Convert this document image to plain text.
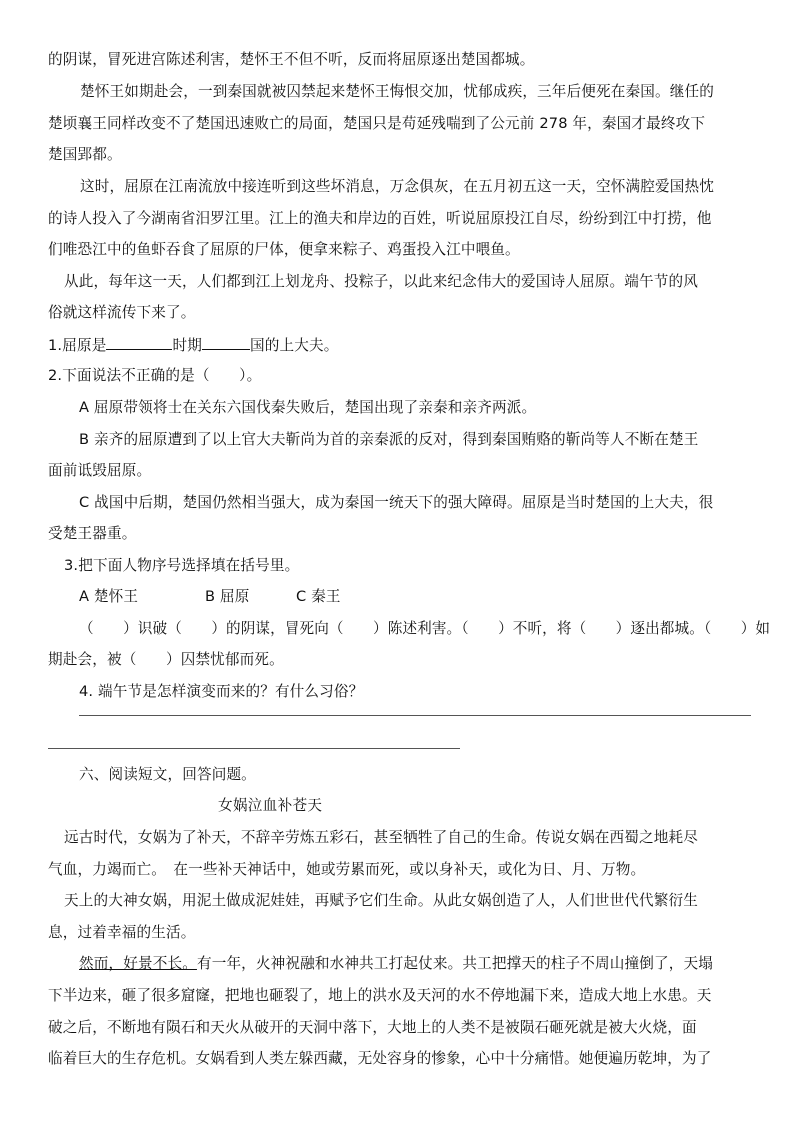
的阴谋，冒死进宫陈述利害，楚怀王不但不听，反而将屈原逐出楚国都城。
楚怀王如期赴会，一到秦国就被囚禁起来楚怀王悔恨交加，忧郁成疾，三年后便死在秦国。继任的
楚顷襄王同样改变不了楚国迅速败亡的局面，楚国只是苟延残喘到了公元前 278 年，秦国才最终攻下
楚国郢都。
这时，屈原在江南流放中接连听到这些坏消息，万念俱灰，在五月初五这一天，空怀满腔爱国热忱
的诗人投入了今湖南省汨罗江里。江上的渔夫和岸边的百姓，听说屈原投江自尽，纷纷到江中打捞，他
们唯恐江中的鱼虾吞食了屈原的尸体，便拿来粽子、鸡蛋投入江中喂鱼。
从此，每年这一天，人们都到江上划龙舟、投粽子，以此来纪念伟大的爱国诗人屈原。端午节的风
俗就这样流传下来了。
1.屈原是	时期	国的上大夫。
2.下面说法不正确的是（　　）。
A 屈原带领将士在关东六国伐秦失败后，楚国出现了亲秦和亲齐两派。
B 亲齐的屈原遭到了以上官大夫靳尚为首的亲秦派的反对，得到秦国贿赂的靳尚等人不断在楚王
面前诋毁屈原。
C 战国中后期，楚国仍然相当强大，成为秦国一统天下的强大障碍。屈原是当时楚国的上大夫，很
受楚王器重。
3.把下面人物序号选择填在括号里。
A 楚怀王	B 屈原	C 秦王
（　　）识破（　　）的阴谋，冒死向（　　）陈述利害。（　　）不听，将（　　）逐出都城。（　　）如
期赴会，被（　　）囚禁忧郁而死。
4. 端午节是怎样演变而来的？有什么习俗？
六、阅读短文，回答问题。
女娲泣血补苍天
远古时代，女娲为了补天，不辞辛劳炼五彩石，甚至牺牲了自己的生命。传说女娲在西蜀之地耗尽
气血，力竭而亡。　在一些补天神话中，她或劳累而死，或以身补天，或化为日、月、万物。
天上的大神女娲，用泥土做成泥娃娃，再赋予它们生命。从此女娲创造了人，人们世世代代繁衍生
息，过着幸福的生活。
然而，好景不长。有一年，火神祝融和水神共工打起仗来。共工把撑天的柱子不周山撞倒了，天塌
下半边来，砸了很多窟窿，把地也砸裂了，地上的洪水及天河的水不停地漏下来，造成大地上水患。天
破之后，不断地有陨石和天火从破开的天洞中落下，大地上的人类不是被陨石砸死就是被大火烧，面
临着巨大的生存危机。女娲看到人类左躲西藏，无处容身的惨象，心中十分痛惜。她便遍历乾坤，为了
